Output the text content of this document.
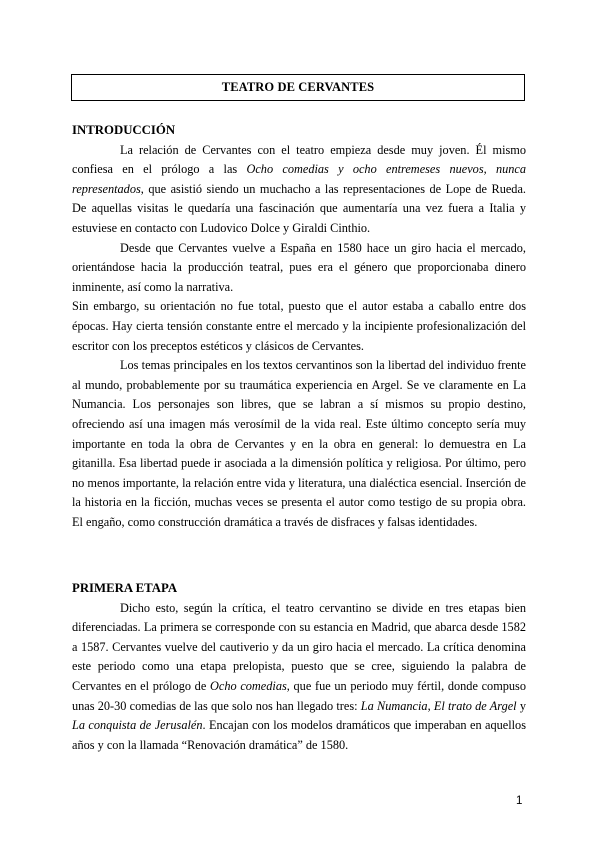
TEATRO DE CERVANTES

INTRODUCCIÓN

La relación de Cervantes con el teatro empieza desde muy joven. Él mismo confiesa en el prólogo a las Ocho comedias y ocho entremeses nuevos, nunca representados, que asistió siendo un muchacho a las representaciones de Lope de Rueda. De aquellas visitas le quedaría una fascinación que aumentaría una vez fuera a Italia y estuviese en contacto con Ludovico Dolce y Giraldi Cinthio.

Desde que Cervantes vuelve a España en 1580 hace un giro hacia el mercado, orientándose hacia la producción teatral, pues era el género que proporcionaba dinero inminente, así como la narrativa.

Sin embargo, su orientación no fue total, puesto que el autor estaba a caballo entre dos épocas. Hay cierta tensión constante entre el mercado y la incipiente profesionalización del escritor con los preceptos estéticos y clásicos de Cervantes.

Los temas principales en los textos cervantinos son la libertad del individuo frente al mundo, probablemente por su traumática experiencia en Argel. Se ve claramente en La Numancia. Los personajes son libres, que se labran a sí mismos su propio destino, ofreciendo así una imagen más verosímil de la vida real. Este último concepto sería muy importante en toda la obra de Cervantes y en la obra en general: lo demuestra en La gitanilla. Esa libertad puede ir asociada a la dimensión política y religiosa. Por último, pero no menos importante, la relación entre vida y literatura, una dialéctica esencial. Inserción de la historia en la ficción, muchas veces se presenta el autor como testigo de su propia obra. El engaño, como construcción dramática a través de disfraces y falsas identidades.

PRIMERA ETAPA

Dicho esto, según la crítica, el teatro cervantino se divide en tres etapas bien diferenciadas. La primera se corresponde con su estancia en Madrid, que abarca desde 1582 a 1587. Cervantes vuelve del cautiverio y da un giro hacia el mercado. La crítica denomina este periodo como una etapa prelopista, puesto que se cree, siguiendo la palabra de Cervantes en el prólogo de Ocho comedias, que fue un periodo muy fértil, donde compuso unas 20-30 comedias de las que solo nos han llegado tres: La Numancia, El trato de Argel y La conquista de Jerusalén. Encajan con los modelos dramáticos que imperaban en aquellos años y con la llamada “Renovación dramática” de 1580.

1
